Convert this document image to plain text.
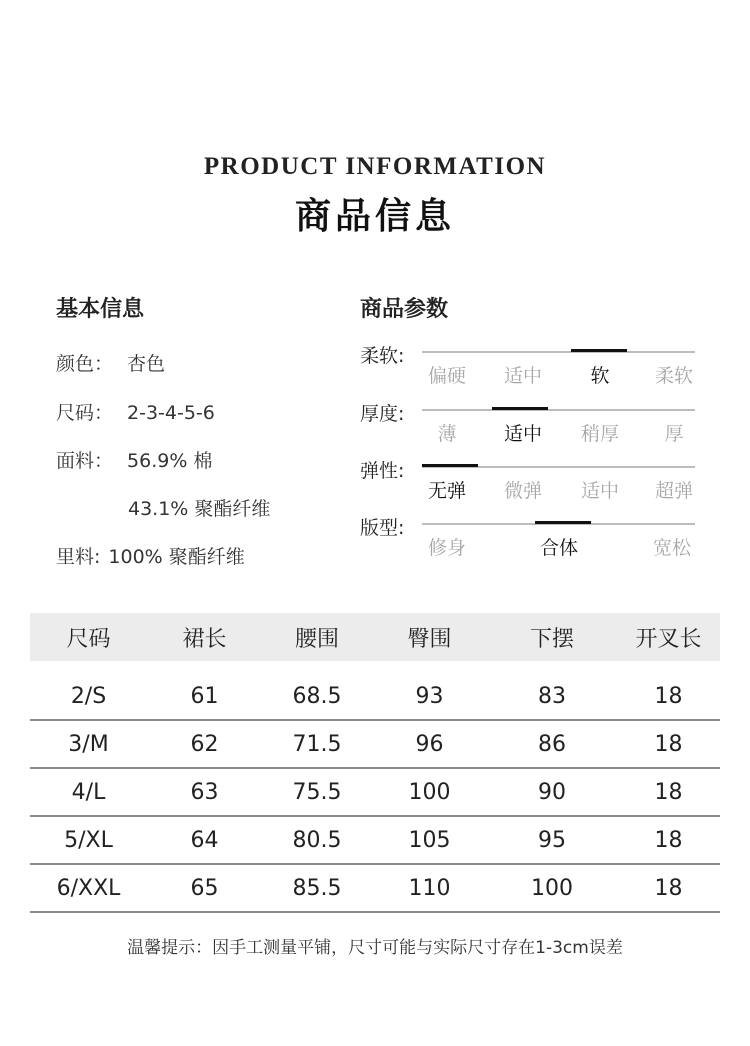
PRODUCT INFORMATION
商品信息
基本信息
颜色： 杏色
尺码： 2-3-4-5-6
面料： 56.9% 棉
43.1% 聚酯纤维
里料: 100% 聚酯纤维
商品参数
柔软:
偏硬 适中	软 柔软
厚度:
薄 适中 稍厚 厚
弹性:
无弹 微弹 适中 超弹
版型:
修身	合体	宽松
尺码	裙长	腰围	臀围	下摆	开叉长
2/S	61	68.5	93	83	18
3/M	62	71.5	96	86	18
4/L	63	75.5	100	90	18
5/XL	64	80.5	105	95	18
6/XXL	65	85.5	110	100	18
温馨提示：因手工测量平铺，尺寸可能与实际尺寸存在1-3cm误差
